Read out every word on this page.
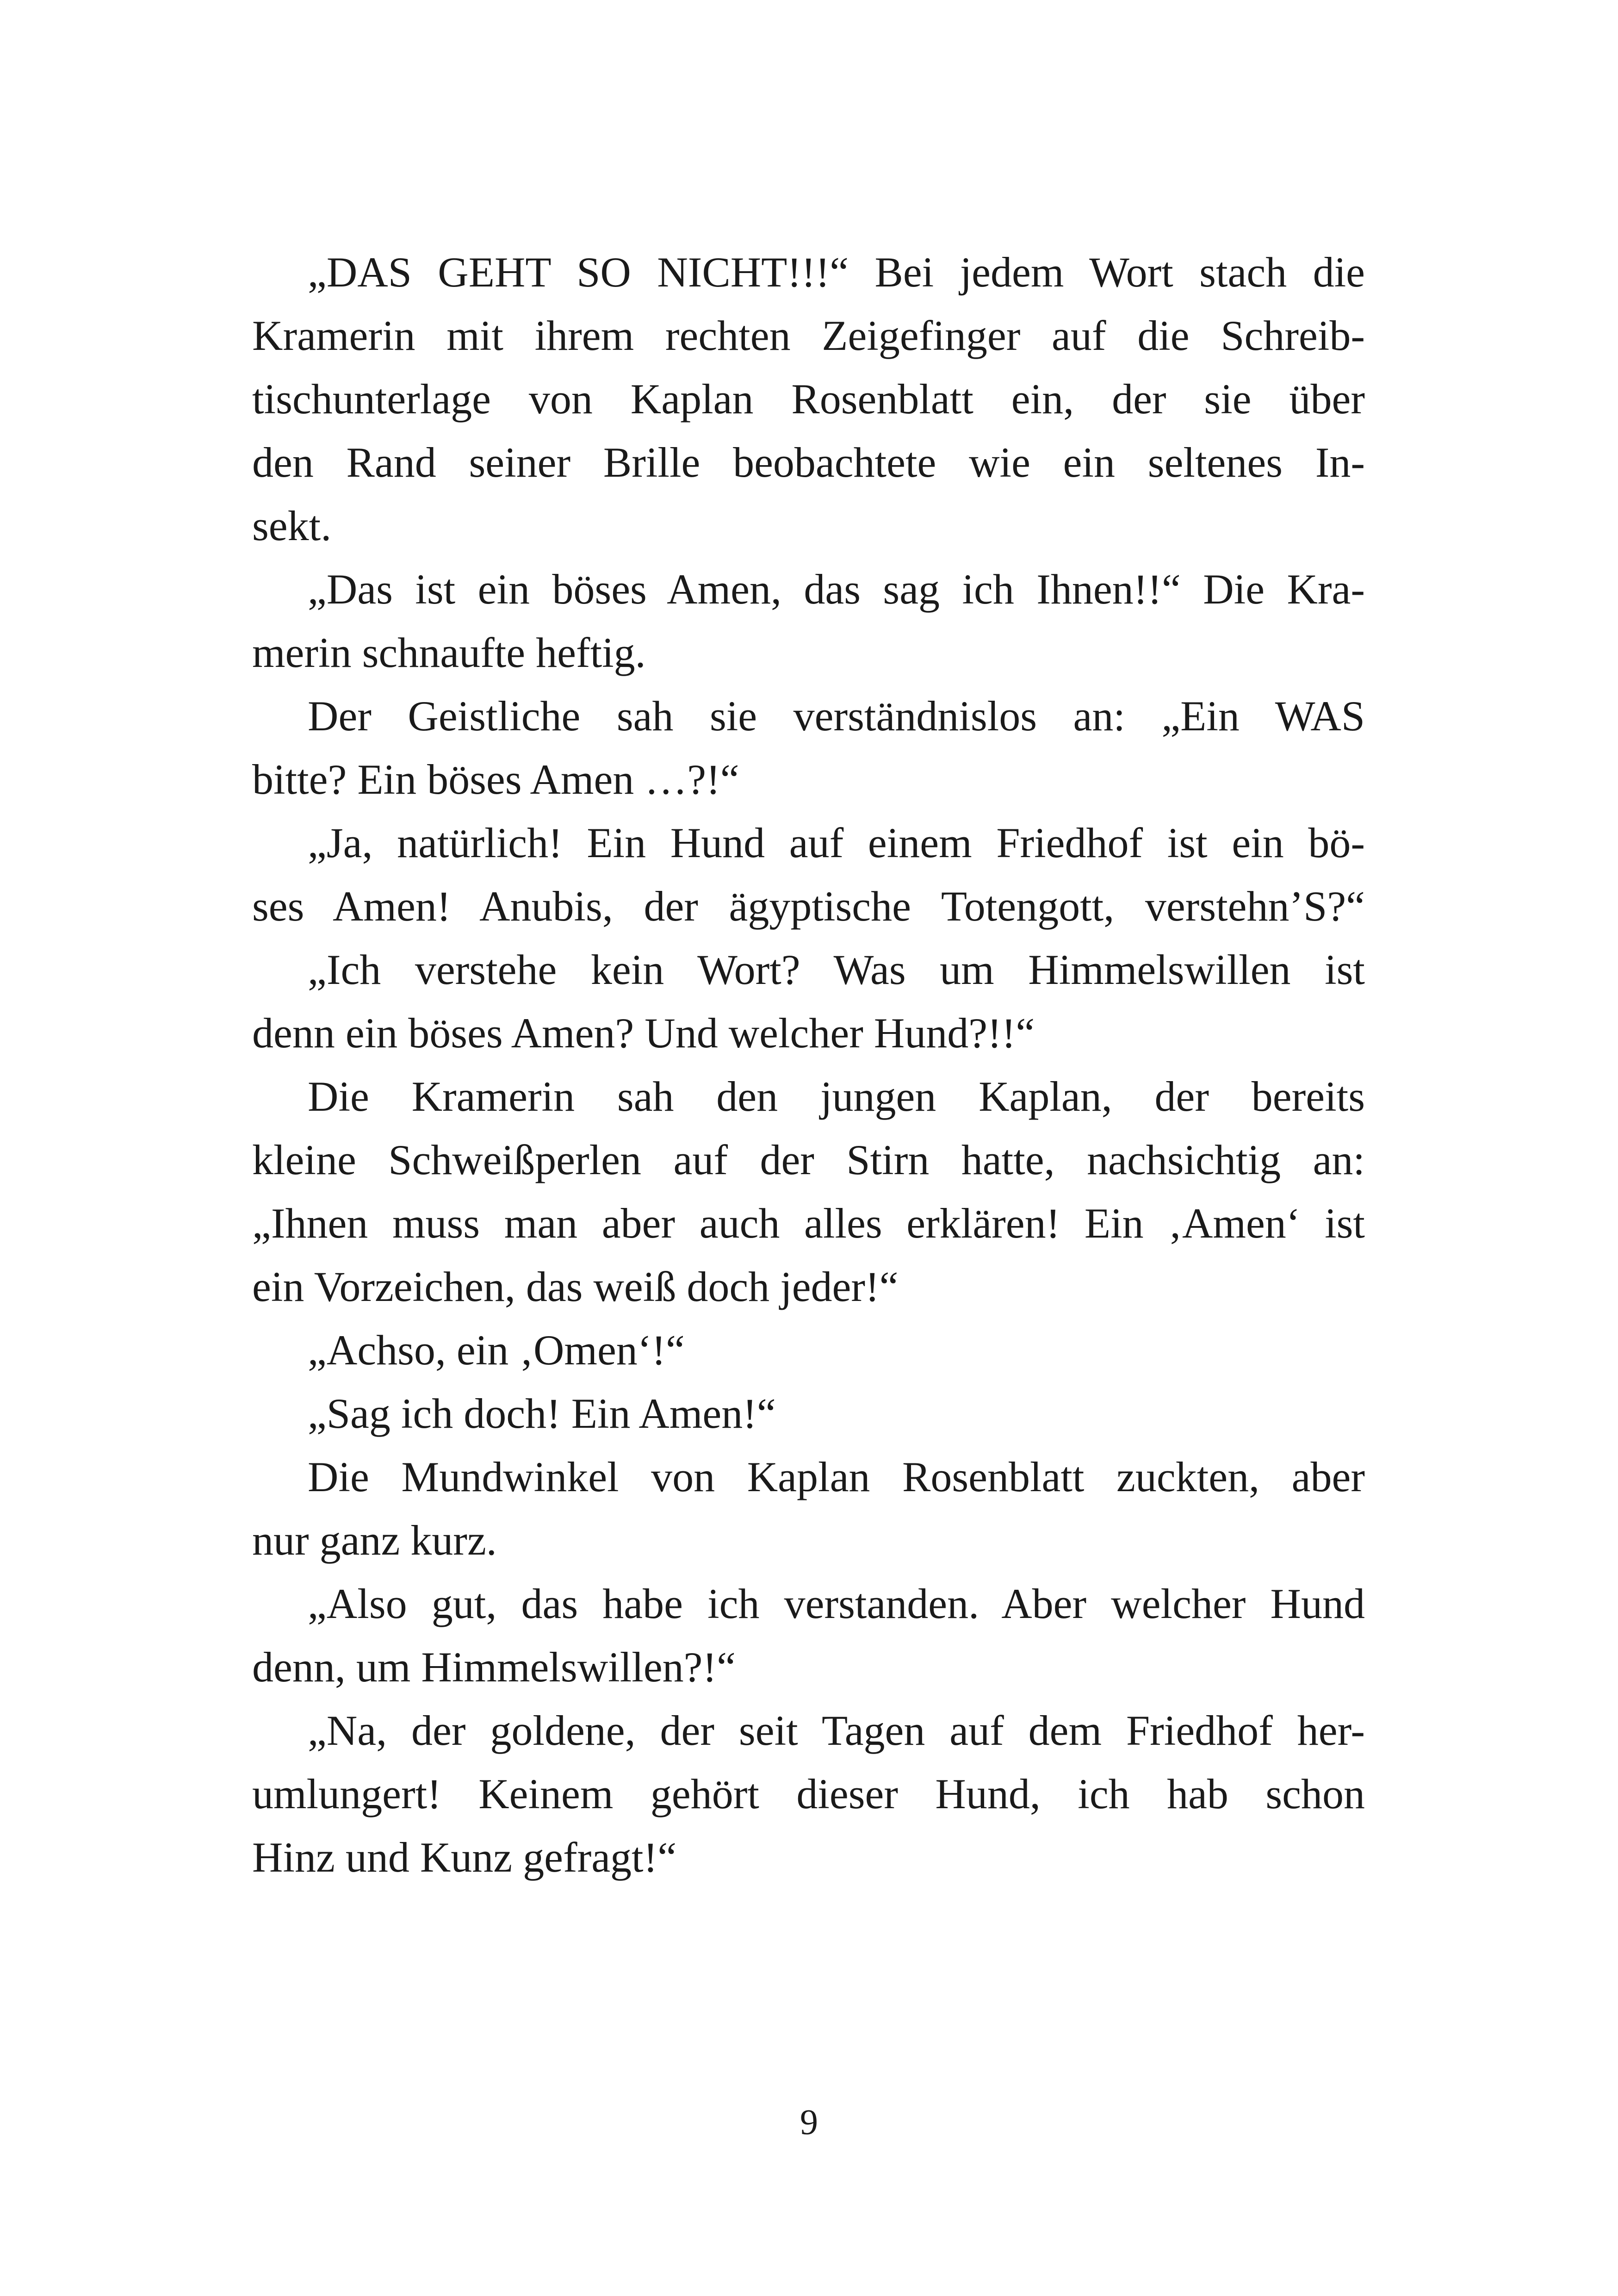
„DAS GEHT SO NICHT!!!“ Bei jedem Wort stach die
Kramerin mit ihrem rechten Zeigefinger auf die Schreib-
tischunterlage von Kaplan Rosenblatt ein, der sie über
den Rand seiner Brille beobachtete wie ein seltenes In-
sekt.
„Das ist ein böses Amen, das sag ich Ihnen!!“ Die Kra-
merin schnaufte heftig.
Der Geistliche sah sie verständnislos an: „Ein WAS
bitte? Ein böses Amen …?!“
„Ja, natürlich! Ein Hund auf einem Friedhof ist ein bö-
ses Amen! Anubis, der ägyptische Totengott, verstehn’S?“
„Ich verstehe kein Wort? Was um Himmelswillen ist
denn ein böses Amen? Und welcher Hund?!!“
Die Kramerin sah den jungen Kaplan, der bereits
kleine Schweißperlen auf der Stirn hatte, nachsichtig an:
„Ihnen muss man aber auch alles erklären! Ein ‚Amen‘ ist
ein Vorzeichen, das weiß doch jeder!“
„Achso, ein ‚Omen‘!“
„Sag ich doch! Ein Amen!“
Die Mundwinkel von Kaplan Rosenblatt zuckten, aber
nur ganz kurz.
„Also gut, das habe ich verstanden. Aber welcher Hund
denn, um Himmelswillen?!“
„Na, der goldene, der seit Tagen auf dem Friedhof her-
umlungert! Keinem gehört dieser Hund, ich hab schon
Hinz und Kunz gefragt!“
9
